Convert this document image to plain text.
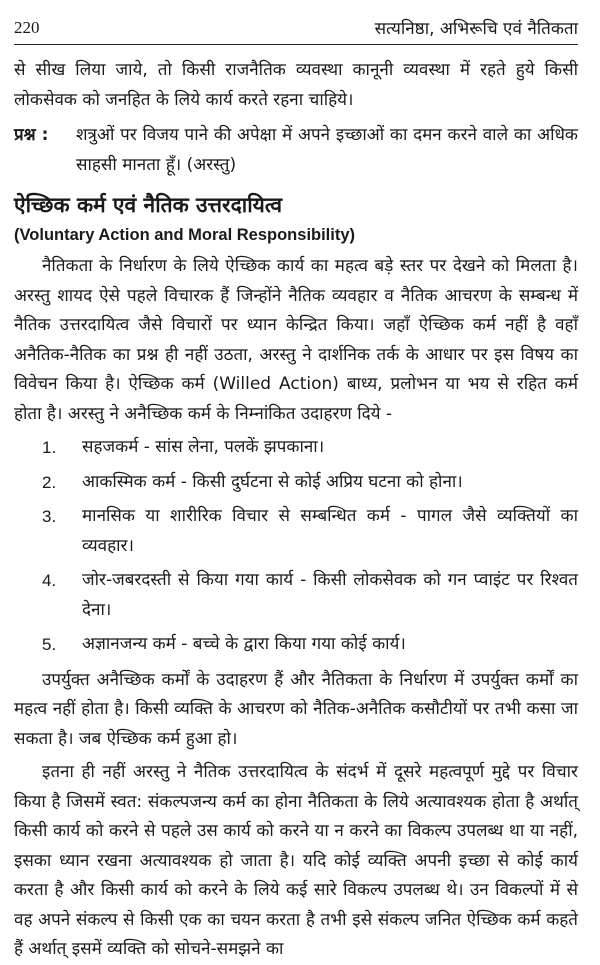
220	सत्यनिष्ठा, अभिरूचि एवं नैतिकता

से सीख लिया जाये, तो किसी राजनैतिक व्यवस्था कानूनी व्यवस्था में रहते हुये किसी लोकसेवक को जनहित के लिये कार्य करते रहना चाहिये।

प्रश्न :	शत्रुओं पर विजय पाने की अपेक्षा में अपने इच्छाओं का दमन करने वाले का अधिक साहसी मानता हूँ। (अरस्तु)
ऐच्छिक कर्म एवं नैतिक उत्तरदायित्व
(Voluntary Action and Moral Responsibility)

नैतिकता के निर्धारण के लिये ऐच्छिक कार्य का महत्व बड़े स्तर पर देखने को मिलता है। अरस्तु शायद ऐसे पहले विचारक हैं जिन्होंने नैतिक व्यवहार व नैतिक आचरण के सम्बन्ध में नैतिक उत्तरदायित्व जैसे विचारों पर ध्यान केन्द्रित किया। जहाँ ऐच्छिक कर्म नहीं है वहाँ अनैतिक-नैतिक का प्रश्न ही नहीं उठता, अरस्तु ने दार्शनिक तर्क के आधार पर इस विषय का विवेचन किया है। ऐच्छिक कर्म (Willed Action) बाध्य, प्रलोभन या भय से रहित कर्म होता है। अरस्तु ने अनैच्छिक कर्म के निम्नांकित उदाहरण दिये -

1.	सहजकर्म - सांस लेना, पलकें झपकाना।
2.	आकस्मिक कर्म - किसी दुर्घटना से कोई अप्रिय घटना को होना।
3.	मानसिक या शारीरिक विचार से सम्बन्धित कर्म - पागल जैसे व्यक्तियों का व्यवहार।
4.	जोर-जबरदस्ती से किया गया कार्य - किसी लोकसेवक को गन प्वाइंट पर रिश्वत देना।
5.	अज्ञानजन्य कर्म - बच्चे के द्वारा किया गया कोई कार्य।

उपर्युक्त अनैच्छिक कर्मों के उदाहरण हैं और नैतिकता के निर्धारण में उपर्युक्त कर्मों का महत्व नहीं होता है। किसी व्यक्ति के आचरण को नैतिक-अनैतिक कसौटीयों पर तभी कसा जा सकता है। जब ऐच्छिक कर्म हुआ हो।

इतना ही नहीं अरस्तु ने नैतिक उत्तरदायित्व के संदर्भ में दूसरे महत्वपूर्ण मुद्दे पर विचार किया है जिसमें स्वत: संकल्पजन्य कर्म का होना नैतिकता के लिये अत्यावश्यक होता है अर्थात् किसी कार्य को करने से पहले उस कार्य को करने या न करने का विकल्प उपलब्ध था या नहीं, इसका ध्यान रखना अत्यावश्यक हो जाता है। यदि कोई व्यक्ति अपनी इच्छा से कोई कार्य करता है और किसी कार्य को करने के लिये कई सारे विकल्प उपलब्ध थे। उन विकल्पों में से वह अपने संकल्प से किसी एक का चयन करता है तभी इसे संकल्प जनित ऐच्छिक कर्म कहते हैं अर्थात् इसमें व्यक्ति को सोचने-समझने का
